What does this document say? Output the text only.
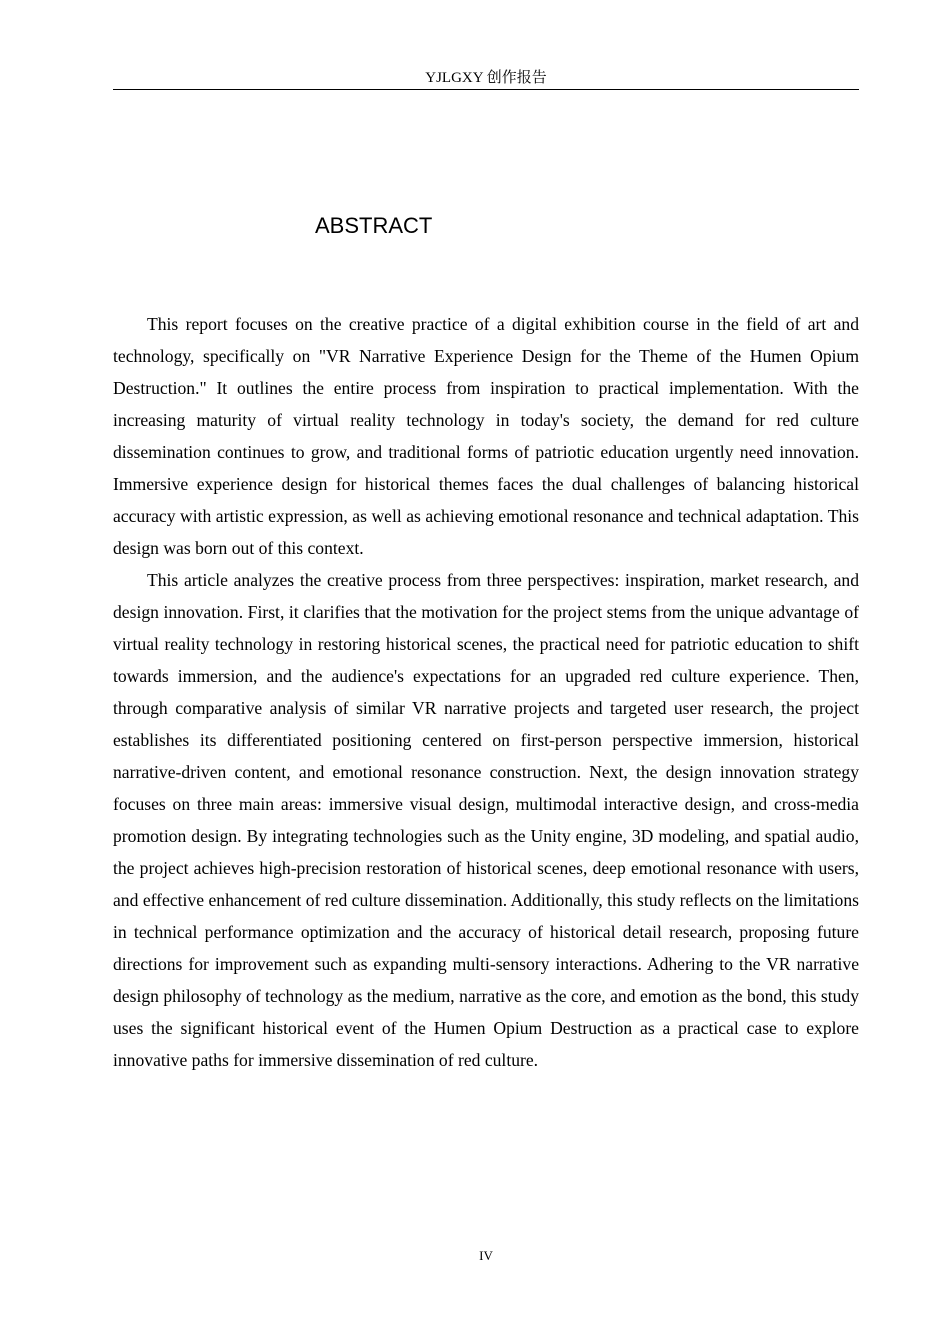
YJLGXY 创作报告
ABSTRACT

This report focuses on the creative practice of a digital exhibition course in the field of art and technology, specifically on "VR Narrative Experience Design for the Theme of the Humen Opium Destruction." It outlines the entire process from inspiration to practical implementation. With the increasing maturity of virtual reality technology in today's society, the demand for red culture dissemination continues to grow, and traditional forms of patriotic education urgently need innovation. Immersive experience design for historical themes faces the dual challenges of balancing historical accuracy with artistic expression, as well as achieving emotional resonance and technical adaptation. This design was born out of this context.

This article analyzes the creative process from three perspectives: inspiration, market research, and design innovation. First, it clarifies that the motivation for the project stems from the unique advantage of virtual reality technology in restoring historical scenes, the practical need for patriotic education to shift towards immersion, and the audience's expectations for an upgraded red culture experience. Then, through comparative analysis of similar VR narrative projects and targeted user research, the project establishes its differentiated positioning centered on first-person perspective immersion, historical narrative-driven content, and emotional resonance construction. Next, the design innovation strategy focuses on three main areas: immersive visual design, multimodal interactive design, and cross-media promotion design. By integrating technologies such as the Unity engine, 3D modeling, and spatial audio, the project achieves high-precision restoration of historical scenes, deep emotional resonance with users, and effective enhancement of red culture dissemination. Additionally, this study reflects on the limitations in technical performance optimization and the accuracy of historical detail research, proposing future directions for improvement such as expanding multi-sensory interactions. Adhering to the VR narrative design philosophy of technology as the medium, narrative as the core, and emotion as the bond, this study uses the significant historical event of the Humen Opium Destruction as a practical case to explore innovative paths for immersive dissemination of red culture.

IV
